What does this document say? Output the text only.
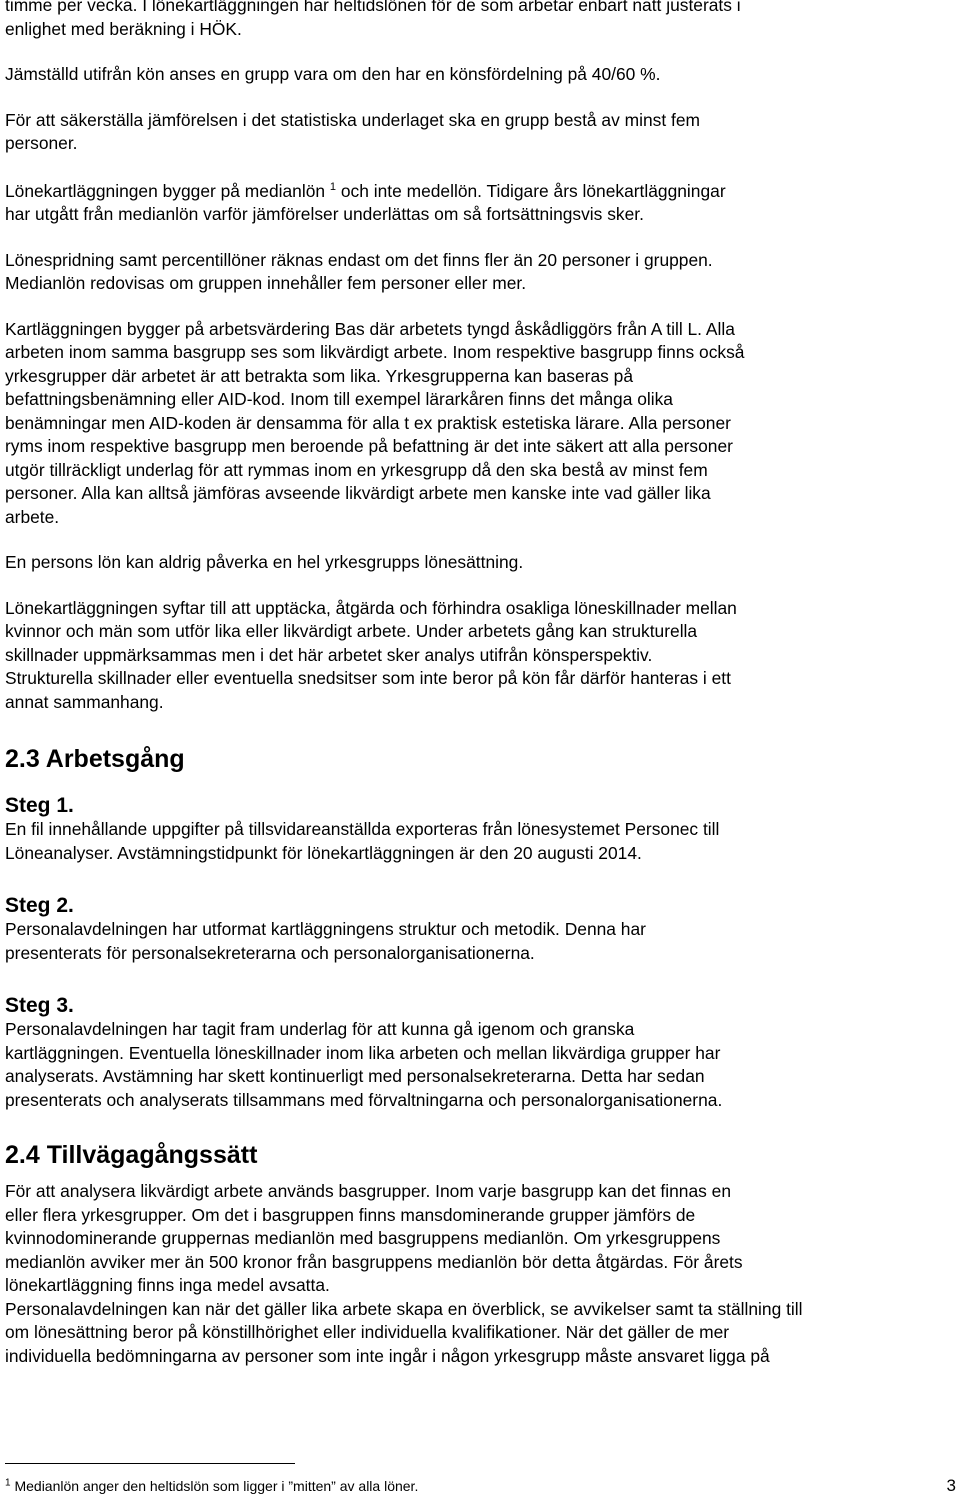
timme per vecka. I lönekartläggningen har heltidslönen för de som arbetar enbart natt justerats i
enlighet med beräkning i HÖK.

Jämställd utifrån kön anses en grupp vara om den har en könsfördelning på 40/60 %.

För att säkerställa jämförelsen i det statistiska underlaget ska en grupp bestå av minst fem
personer.

Lönekartläggningen bygger på medianlön $^1$ och inte medellön. Tidigare års lönekartläggningar
har utgått från medianlön varför jämförelser underlättas om så fortsättningsvis sker.

Lönespridning samt percentillöner räknas endast om det finns fler än 20 personer i gruppen.
Medianlön redovisas om gruppen innehåller fem personer eller mer.

Kartläggningen bygger på arbetsvärdering Bas där arbetets tyngd åskådliggörs från A till L. Alla
arbeten inom samma basgrupp ses som likvärdigt arbete. Inom respektive basgrupp finns också
yrkesgrupper där arbetet är att betrakta som lika. Yrkesgrupperna kan baseras på
befattningsbenämning eller AID-kod. Inom till exempel lärarkåren finns det många olika
benämningar men AID-koden är densamma för alla t ex praktisk estetiska lärare. Alla personer
ryms inom respektive basgrupp men beroende på befattning är det inte säkert att alla personer
utgör tillräckligt underlag för att rymmas inom en yrkesgrupp då den ska bestå av minst fem
personer. Alla kan alltså jämföras avseende likvärdigt arbete men kanske inte vad gäller lika
arbete.

En persons lön kan aldrig påverka en hel yrkesgrupps lönesättning.

Lönekartläggningen syftar till att upptäcka, åtgärda och förhindra osakliga löneskillnader mellan
kvinnor och män som utför lika eller likvärdigt arbete. Under arbetets gång kan strukturella
skillnader uppmärksammas men i det här arbetet sker analys utifrån könsperspektiv.
Strukturella skillnader eller eventuella snedsitser som inte beror på kön får därför hanteras i ett
annat sammanhang.

2.3 Arbetsgång
Steg 1.

En fil innehållande uppgifter på tillsvidareanställda exporteras från lönesystemet Personec till
Löneanalyser. Avstämningstidpunkt för lönekartläggningen är den 20 augusti 2014.

Steg 2.

Personalavdelningen har utformat kartläggningens struktur och metodik. Denna har
presenterats för personalsekreterarna och personalorganisationerna.

Steg 3.

Personalavdelningen har tagit fram underlag för att kunna gå igenom och granska
kartläggningen. Eventuella löneskillnader inom lika arbeten och mellan likvärdiga grupper har
analyserats. Avstämning har skett kontinuerligt med personalsekreterarna. Detta har sedan
presenterats och analyserats tillsammans med förvaltningarna och personalorganisationerna.

2.4 Tillvägagångssätt

För att analysera likvärdigt arbete används basgrupper. Inom varje basgrupp kan det finnas en
eller flera yrkesgrupper. Om det i basgruppen finns mansdominerande grupper jämförs de
kvinnodominerande gruppernas medianlön med basgruppens medianlön. Om yrkesgruppens
medianlön avviker mer än 500 kronor från basgruppens medianlön bör detta åtgärdas. För årets
lönekartläggning finns inga medel avsatta.

Personalavdelningen kan när det gäller lika arbete skapa en överblick, se avvikelser samt ta ställning till
om lönesättning beror på könstillhörighet eller individuella kvalifikationer. När det gäller de mer
individuella bedömningarna av personer som inte ingår i någon yrkesgrupp måste ansvaret ligga på

$^1$ Medianlön anger den heltidslön som ligger i ”mitten” av alla löner.	3
